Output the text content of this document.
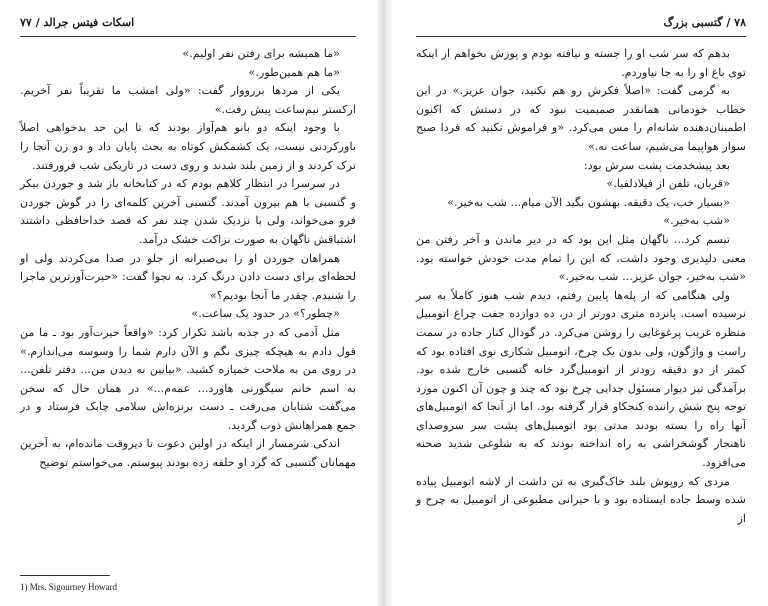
اسکات فیتس جرالد / ۷۷

«ما همیشه برای رفتن نفر اولیم.»

«ما هم همین‌طور.»

یکی از مردها بر‌رو‌وار گفت: «ولی امشب ما تقریباً نفر آخریم. ارکستر نیم‌ساعت پیش رفت.»

با وجود اینکه دو بانو هم‌آواز بودند که تا این حد بدخواهی اصلاً باورکردنی نیست، یک کشمکش کوتاه به بحث پایان داد و دو زن آنجا را ترک کردند و از زمین بلند شدند و روی دست در تاریکی شب فرورفتند.

در سرسرا در انتظار کلاهم بودم که در کتابخانه باز شد و جوردن بیکر و گتسبی با هم بیرون آمدند. گتسبی آخرین کلمه‌ای را در گوش جوردن فرو می‌خواند، ولی با نزدیک شدن چند نفر که قصد خداحافظی داشتند اشتیاقش ناگهان به صورت نزاکت خشک درآمد.

همراهان جوردن او را بی‌صبرانه از جلو در صدا می‌کردند ولی او لحظه‌ای برای دست دادن درنگ کرد. به نجوا گفت: «حیرت‌آورترین ماجرا را شنیدم. چقدر ما آنجا بودیم؟»

«چطور؟» در حدود یک ساعت.»

مثل آدمی که در جذبه باشد تکرار کرد: «واقعاً حیرت‌آور بود ـ ما من قول دادم به هیچکه چیزی نگم و الآن دارم شما را وسوسه می‌اندازم.» در روی من به ملاحت خمیازه کشید. «بیایین به دیدن من... دفتر تلفن... به اسم خانم سیگورنی هاورد... عمه‌م...» در همان حال که سخن می‌گفت شتابان می‌رفت ـ دست برنزه‌اش سلامی چابک فرستاد و در جمع همراهانش ذوب گردید.

اندکی شرمسار از اینکه در اولین دعوت تا دیروقت مانده‌ام، به آخرین مهمانان گتسبی که گرد او حلقه زده بودند پیوستم. می‌خواستم توضیح

1) Mrs. Sigourney Howard
۷۸ / گتسبی بزرگ

بدهم که سر شب او را جسته و نیافته بودم و پوزش بخواهم از اینکه توی باغ او را به جا نیاوردم.

به گرمی گفت: «اصلاً فکرش رو هم نکنید، جوان عزیز.» در این خطاب خودمانی همانقدر صمیمیت نبود که در دستش که اکنون اطمینان‌دهنده شانه‌ام را مس می‌کرد. «و فراموش نکنید که فردا صبح سوار هواپیما می‌شیم، ساعت نه.»

بعد پیشخدمت پشت سرش بود:

«قربان، تلفن از فیلادلفیا.»

«بسیار خب، یک دقیقه. بهشون بگید الآن میام... شب به‌خیر.»

«شب به‌خیر.»

تبسم کرد... ناگهان مثل این بود که در دیر ماندن و آخر رفتن من معنی دلپذیری وجود داشت، که این را تمام مدت خودش خواسته بود. «شب به‌خیر، جوان عزیز... شب به‌خیر.»

ولی هنگامی که از پله‌ها پایین رفتم، دیدم شب هنوز کاملاً به سر نرسیده است. پانزده متری دورتر از در، ده دوازده جفت چراغ اتومبیل منظره غریب پرغوغایی را روشن می‌کرد. در گودال کنار جاده در سمت راست و واژگون، ولی بدون یک چرخ، اتومبیل شکاری نوی افتاده بود که کمتر از دو دقیقه زودتر از اتومبیل‌گرد خانه گتسبی خارج شده بود. برآمدگی تیز دیوار مسئول جدایی چرخ بود که چند و چون آن اکنون مورد توجه پنج شش راننده کنجکاو قرار گرفته بود. اما از آنجا که اتومبیل‌های آنها راه را بسته بودند مدتی بود اتومبیل‌های پشت سر سروصدای ناهنجار گوشخراشی به راه انداخته بودند که به شلوغی شدید صحنه می‌افزود.

مردی که روپوش بلند خاک‌گیری به تن داشت از لاشه اتومبیل پیاده شده وسط جاده ایستاده بود و با حیرانی مطبوعی از اتومبیل به چرخ و از
